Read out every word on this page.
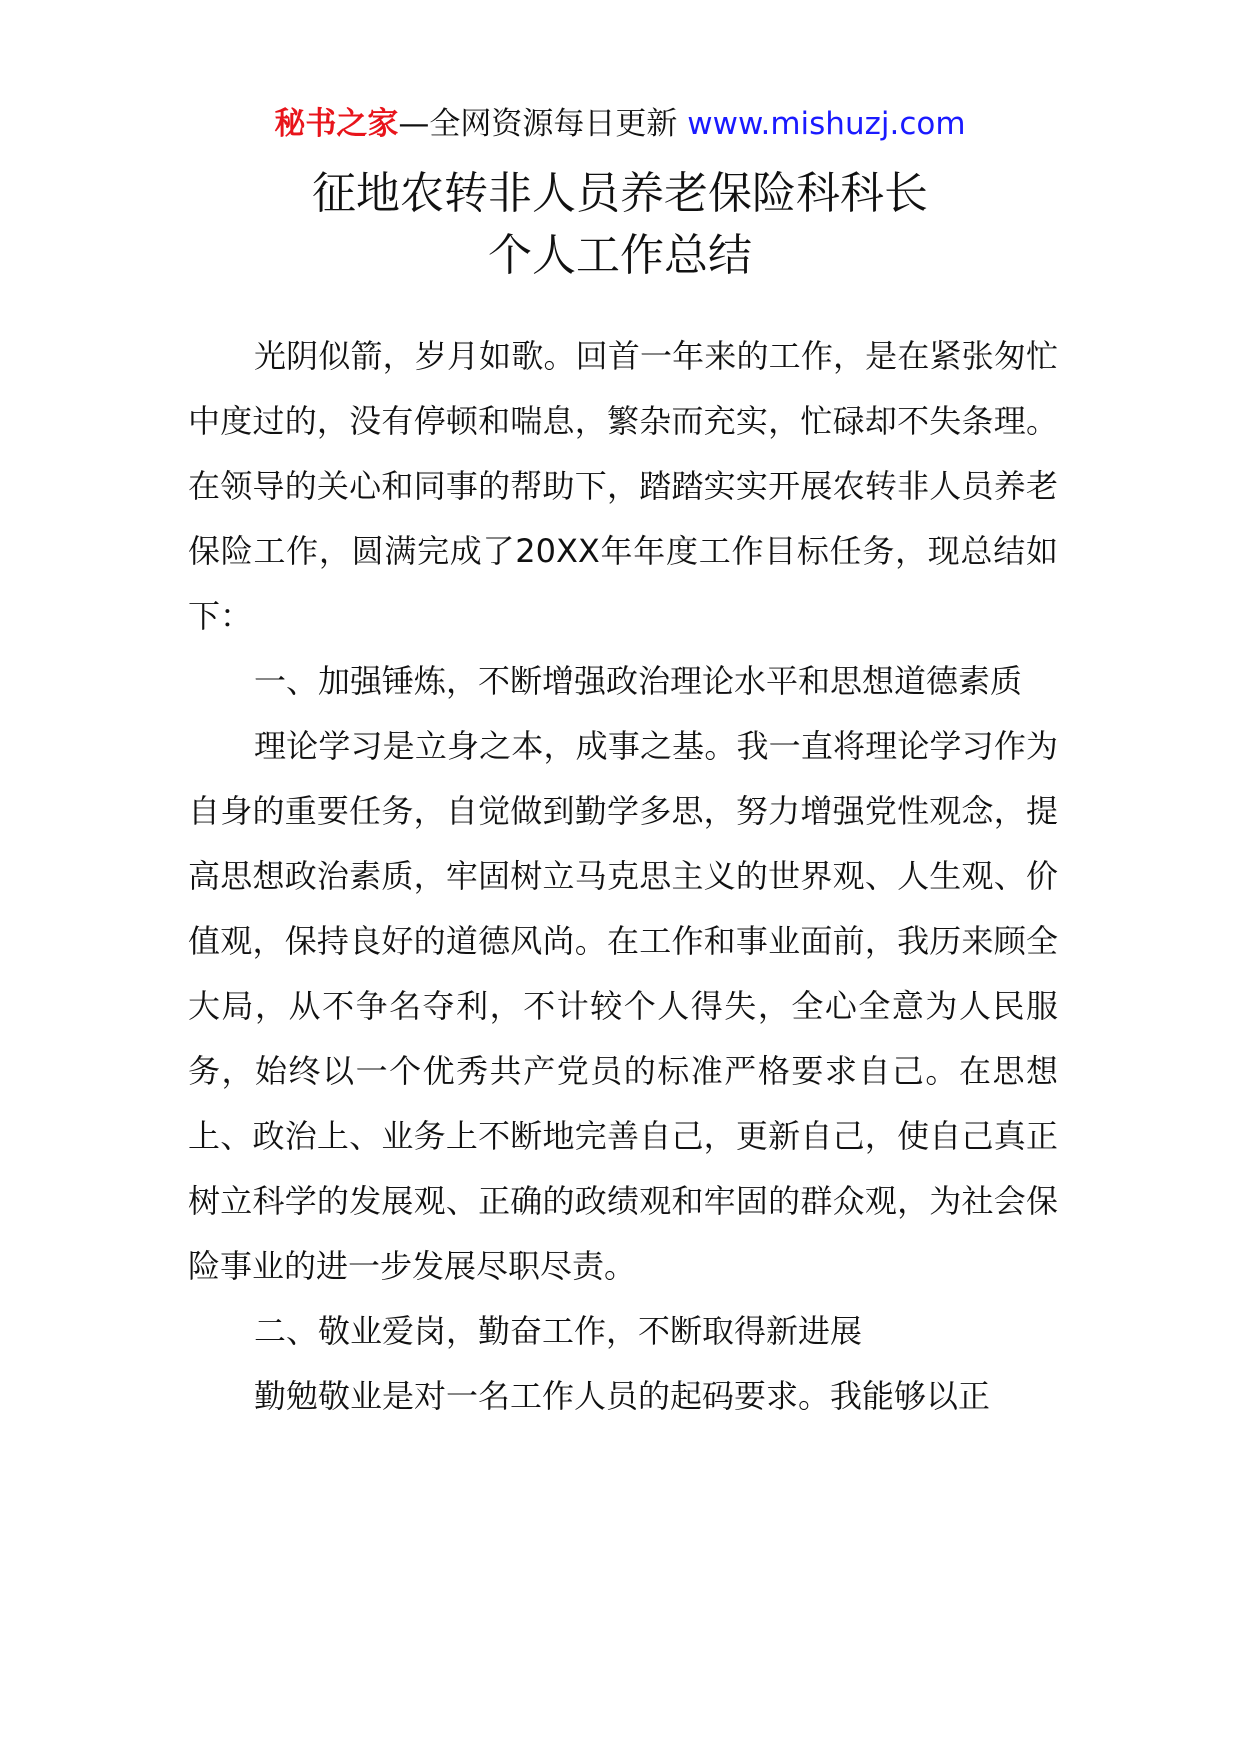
秘书之家—全网资源每日更新 www.mishuzj.com
征地农转非人员养老保险科科长
个人工作总结

光阴似箭，岁月如歌。回首一年来的工作，是在紧张匆忙中度过的，没有停顿和喘息，繁杂而充实，忙碌却不失条理。在领导的关心和同事的帮助下，踏踏实实开展农转非人员养老保险工作，圆满完成了20XX年年度工作目标任务，现总结如下：

一、加强锤炼，不断增强政治理论水平和思想道德素质

理论学习是立身之本，成事之基。我一直将理论学习作为自身的重要任务，自觉做到勤学多思，努力增强党性观念，提高思想政治素质，牢固树立马克思主义的世界观、人生观、价值观，保持良好的道德风尚。在工作和事业面前，我历来顾全大局，从不争名夺利，不计较个人得失，全心全意为人民服务，始终以一个优秀共产党员的标准严格要求自己。在思想上、政治上、业务上不断地完善自己，更新自己，使自己真正树立科学的发展观、正确的政绩观和牢固的群众观，为社会保险事业的进一步发展尽职尽责。

二、敬业爱岗，勤奋工作，不断取得新进展

勤勉敬业是对一名工作人员的起码要求。我能够以正
